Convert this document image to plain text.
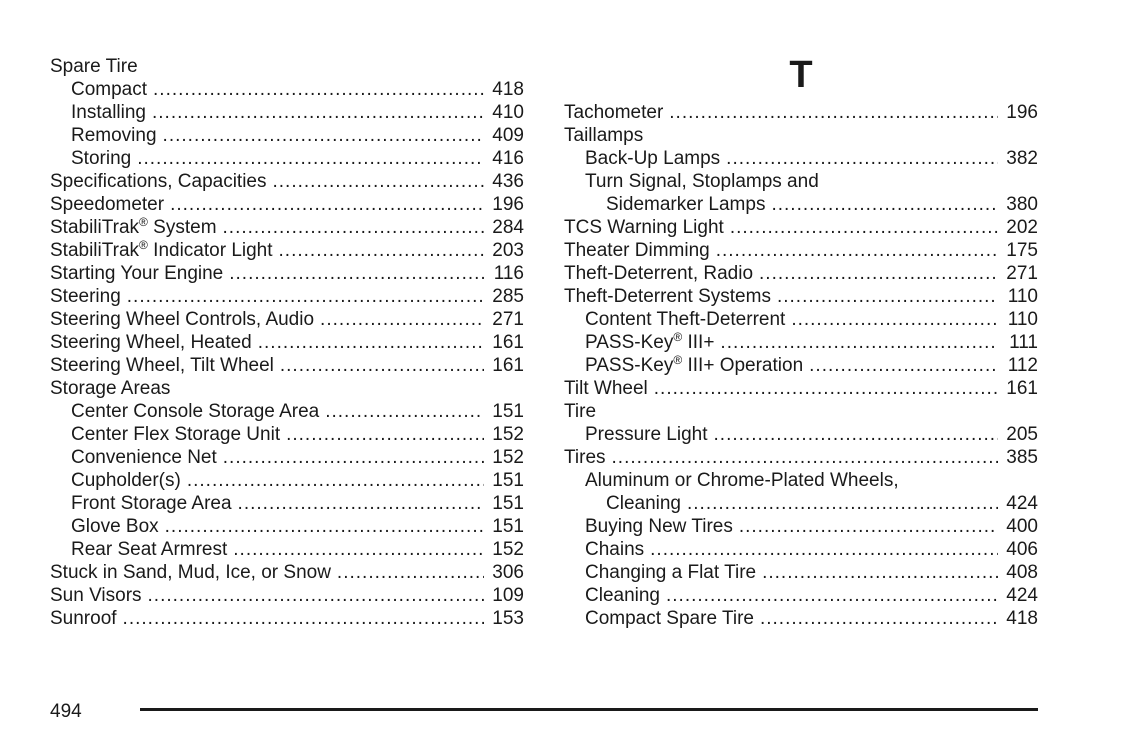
Spare Tire
Compact .....	418
Installing .....	410
Removing .....	409
Storing .....	416
Specifications, Capacities .....	436
Speedometer .....	196
StabiliTrak® System .....	284
StabiliTrak® Indicator Light .....	203
Starting Your Engine .....	116
Steering .....	285
Steering Wheel Controls, Audio .....	271
Steering Wheel, Heated .....	161
Steering Wheel, Tilt Wheel .....	161
Storage Areas
Center Console Storage Area .....	151
Center Flex Storage Unit .....	152
Convenience Net .....	152
Cupholder(s) .....	151
Front Storage Area .....	151
Glove Box .....	151
Rear Seat Armrest .....	152
Stuck in Sand, Mud, Ice, or Snow .....	306
Sun Visors .....	109
Sunroof .....	153
T
Tachometer .....	196
Taillamps
Back-Up Lamps .....	382
Turn Signal, Stoplamps and
Sidemarker Lamps .....	380
TCS Warning Light .....	202
Theater Dimming .....	175
Theft-Deterrent, Radio .....	271
Theft-Deterrent Systems .....	110
Content Theft-Deterrent .....	110
PASS-Key® III+ .....	111
PASS-Key® III+ Operation .....	112
Tilt Wheel .....	161
Tire
Pressure Light .....	205
Tires .....	385
Aluminum or Chrome-Plated Wheels,
Cleaning .....	424
Buying New Tires .....	400
Chains .....	406
Changing a Flat Tire .....	408
Cleaning .....	424
Compact Spare Tire .....	418
494
